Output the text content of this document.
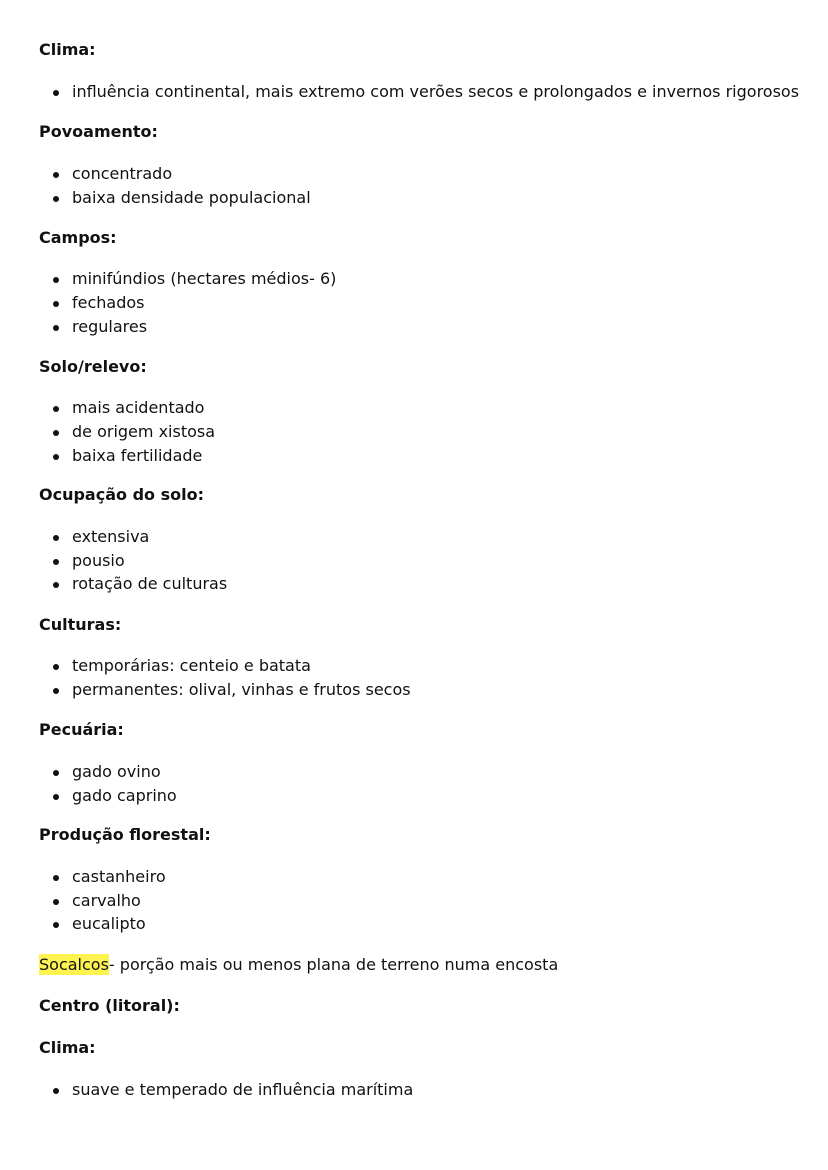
Clima:
influência continental, mais extremo com verões secos e prolongados e invernos rigorosos
Povoamento:
concentrado
baixa densidade populacional
Campos:
minifúndios (hectares médios- 6)
fechados
regulares
Solo/relevo:
mais acidentado
de origem xistosa
baixa fertilidade
Ocupação do solo:
extensiva
pousio
rotação de culturas
Culturas:
temporárias: centeio e batata
permanentes: olival, vinhas e frutos secos
Pecuária:
gado ovino
gado caprino
Produção florestal:
castanheiro
carvalho
eucalipto
Socalcos- porção mais ou menos plana de terreno numa encosta
Centro (litoral):
Clima:
suave e temperado de influência marítima
